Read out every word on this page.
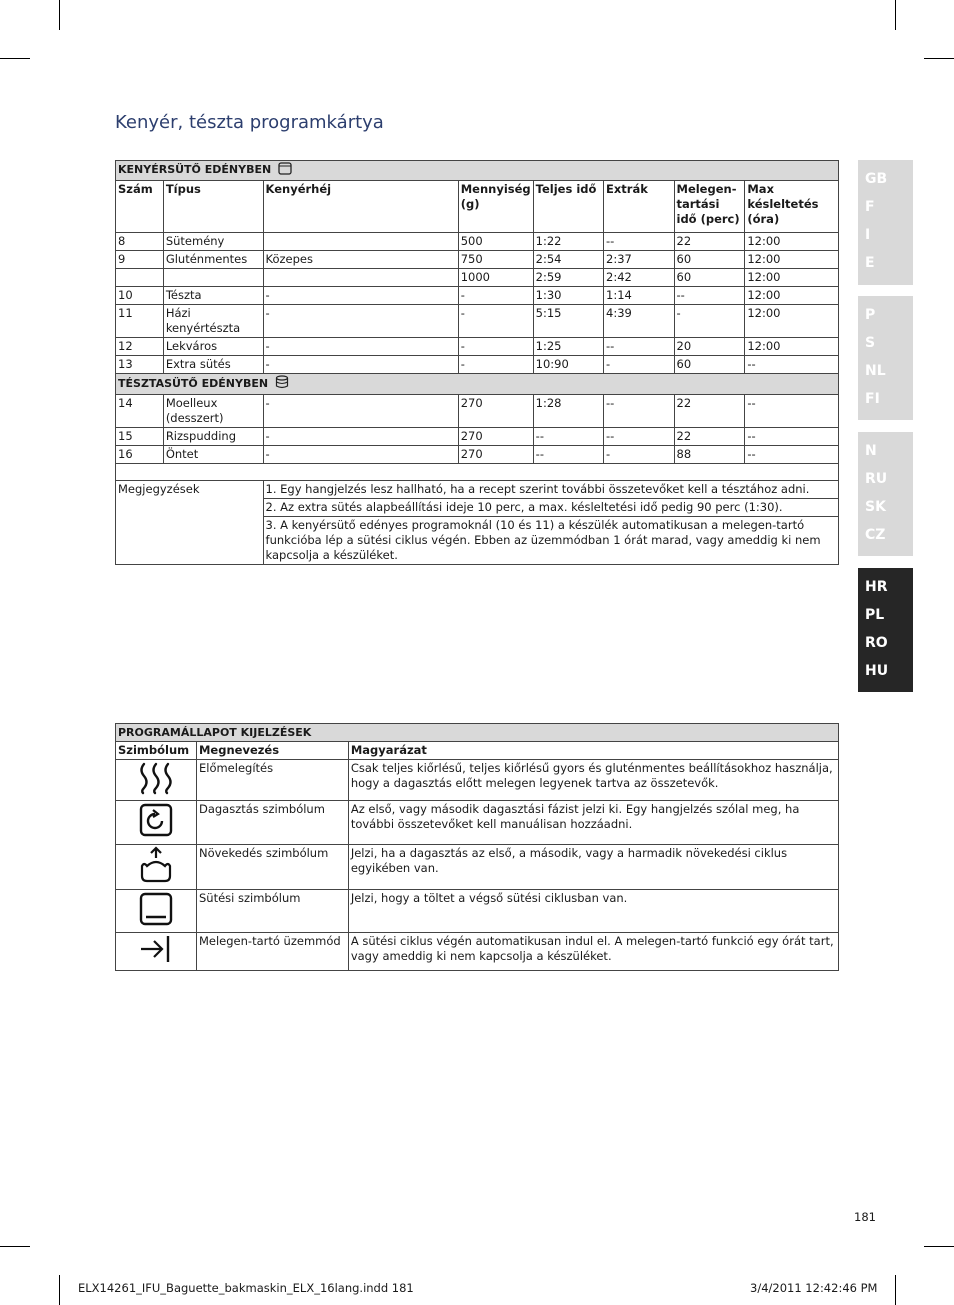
Kenyér, tészta programkártya
KENYÉRSÜTŐ EDÉNYBEN							
Szám	Típus	Kenyérhéj	Mennyiség (g)	Teljes idő	Extrák	Melegen-tartási idő (perc)	Max késleltetés (óra)
8	Sütemény		500	1:22	--	22	12:00
9	Gluténmentes	Közepes	750	2:54	2:37	60	12:00
			1000	2:59	2:42	60	12:00
10	Tészta	-	-	1:30	1:14	--	12:00
11	Házi kenyértészta	-	-	5:15	4:39	-	12:00
12	Lekváros	-	-	1:25	--	20	12:00
13	Extra sütés	-	-	10:90	-	60	--
TÉSZTASÜTŐ EDÉNYBEN							
14	Moelleux (desszert)	-	270	1:28	--	22	--
15	Rizspudding	-	270	--	--	22	--
16	Öntet	-	270	--	-	88	--

Megjegyzések		1. Egy hangjelzés lesz hallható, ha a recept szerint további összetevőket kell a tésztához adni.					
		2. Az extra sütés alapbeállítási ideje 10 perc, a max. késleltetési idő pedig 90 perc (1:30).					
		3. A kenyérsütő edényes programoknál (10 és 11) a készülék automatikusan a melegen-tartó funkcióba lép a sütési ciklus végén. Ebben az üzemmódban 1 órát marad, vagy ameddig ki nem kapcsolja a készüléket.					
PROGRAMÁLLAPOT KIJELZÉSEK		
Szimbólum	Megnevezés	Magyarázat
	Előmelegítés	Csak teljes kiőrlésű, teljes kiőrlésű gyors és gluténmentes beállításokhoz használja, hogy a dagasztás előtt melegen legyenek tartva az összetevők.
	Dagasztás szimbólum	Az első, vagy második dagasztási fázist jelzi ki. Egy hangjelzés szólal meg, ha további összetevőket kell manuálisan hozzáadni.
	Növekedés szimbólum	Jelzi, ha a dagasztás az első, a második, vagy a harmadik növekedési ciklus egyikében van.
	Sütési szimbólum	Jelzi, hogy a töltet a végső sütési ciklusban van.
	Melegen-tartó üzemmód	A sütési ciklus végén automatikusan indul el. A melegen-tartó funkció egy órát tart, vagy ameddig ki nem kapcsolja a készüléket.
GB
F
I
E
P
S
NL
FI
N
RU
SK
CZ
HR
PL
RO
HU
181
ELX14261_IFU_Baguette_bakmaskin_ELX_16lang.indd 181	3/4/2011 12:42:46 PM
